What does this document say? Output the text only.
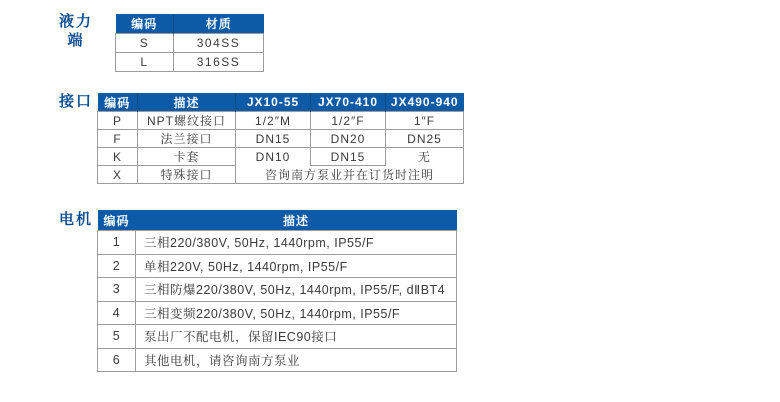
液力
端
编码	材质
S	304SS
L	316SS
接口 编码	描述	JX10-55	JX70-410	JX490-940
P	NPT螺纹接口	1/2″M	1/2″F	1″F
F	法兰接口	DN15	DN20	DN25
K	卡套	DN10	DN15	无
X	特殊接口	咨询南方泵业并在订货时注明		
电机 编码	描述
1	三相220/380V, 50Hz, 1440rpm, IP55/F
2	单相220V, 50Hz, 1440rpm, IP55/F
3	三相防爆220/380V, 50Hz, 1440rpm, IP55/F, dⅡBT4
4	三相变频220/380V, 50Hz, 1440rpm, IP55/F
5	泵出厂不配电机，保留IEC90接口
6	其他电机，请咨询南方泵业
